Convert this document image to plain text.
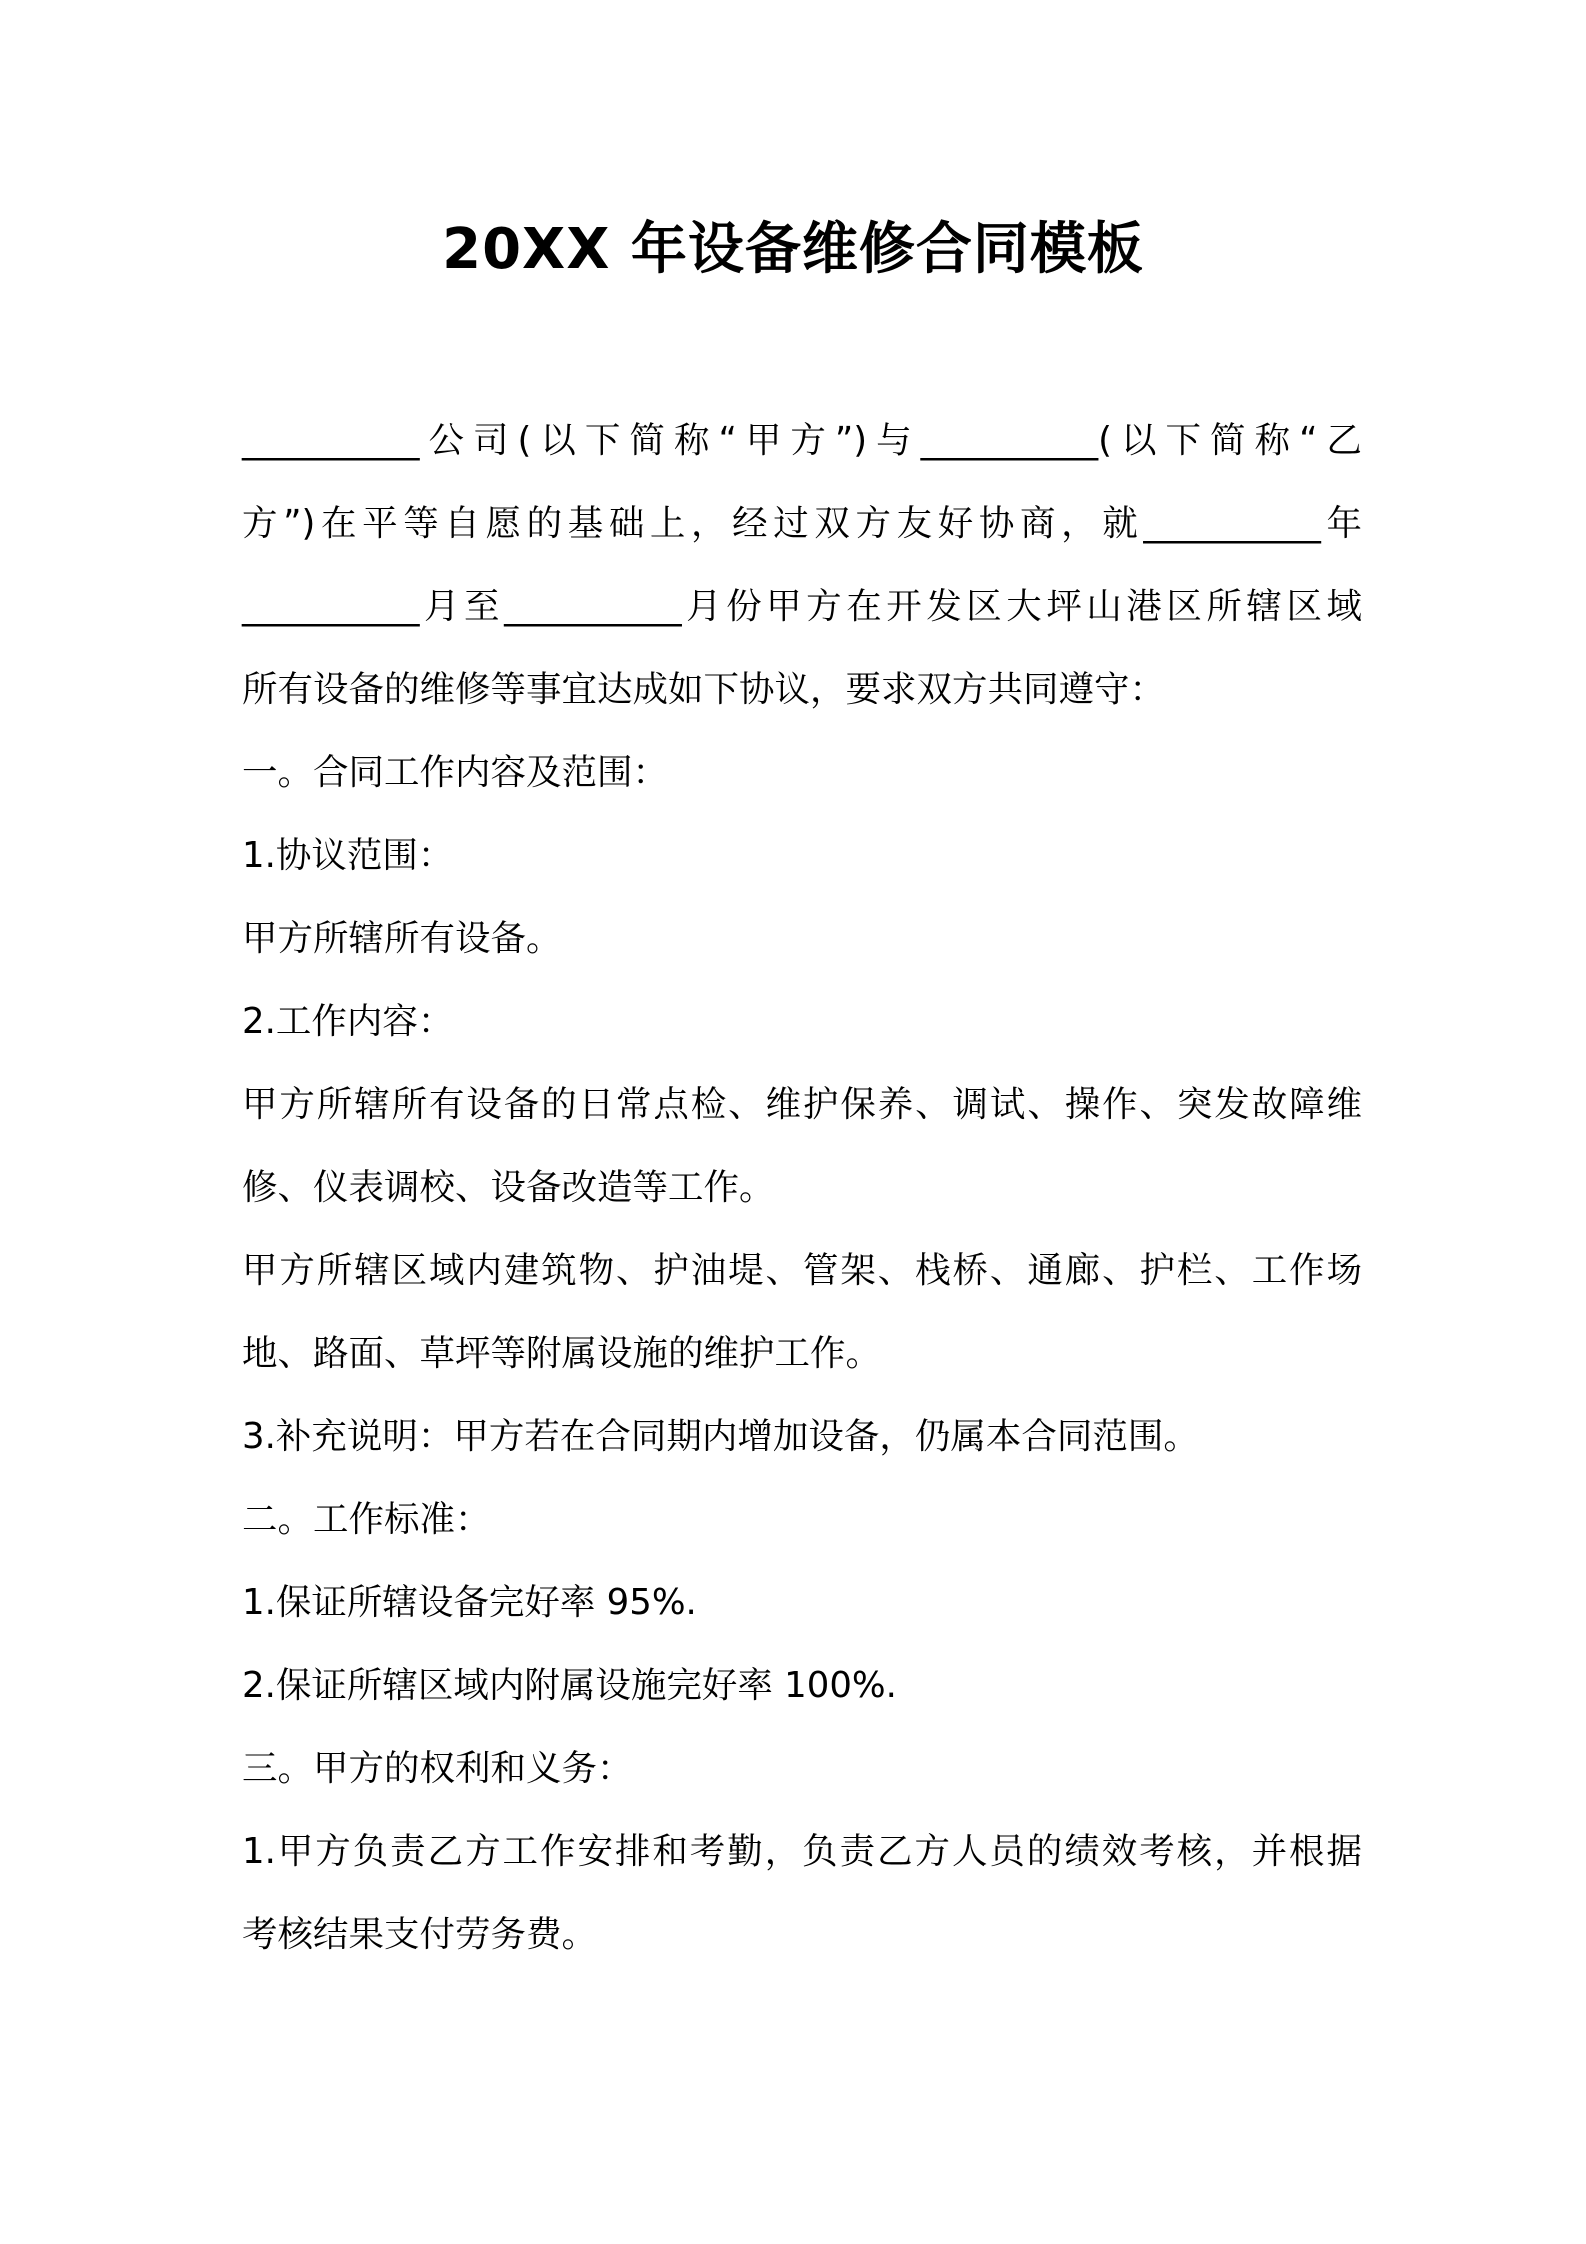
20XX 年设备维修合同模板
__________公司(以下简称“甲方”)与__________(以下简称“乙
方”)在平等自愿的基础上，经过双方友好协商，就__________年
__________月至__________月份甲方在开发区大坪山港区所辖区域
所有设备的维修等事宜达成如下协议，要求双方共同遵守：
一。合同工作内容及范围：
1.协议范围：
甲方所辖所有设备。
2.工作内容：
甲方所辖所有设备的日常点检、维护保养、调试、操作、突发故障维
修、仪表调校、设备改造等工作。
甲方所辖区域内建筑物、护油堤、管架、栈桥、通廊、护栏、工作场
地、路面、草坪等附属设施的维护工作。
3.补充说明：甲方若在合同期内增加设备，仍属本合同范围。
二。工作标准：
1.保证所辖设备完好率 95%.
2.保证所辖区域内附属设施完好率 100%.
三。甲方的权利和义务：
1.甲方负责乙方工作安排和考勤，负责乙方人员的绩效考核，并根据
考核结果支付劳务费。
